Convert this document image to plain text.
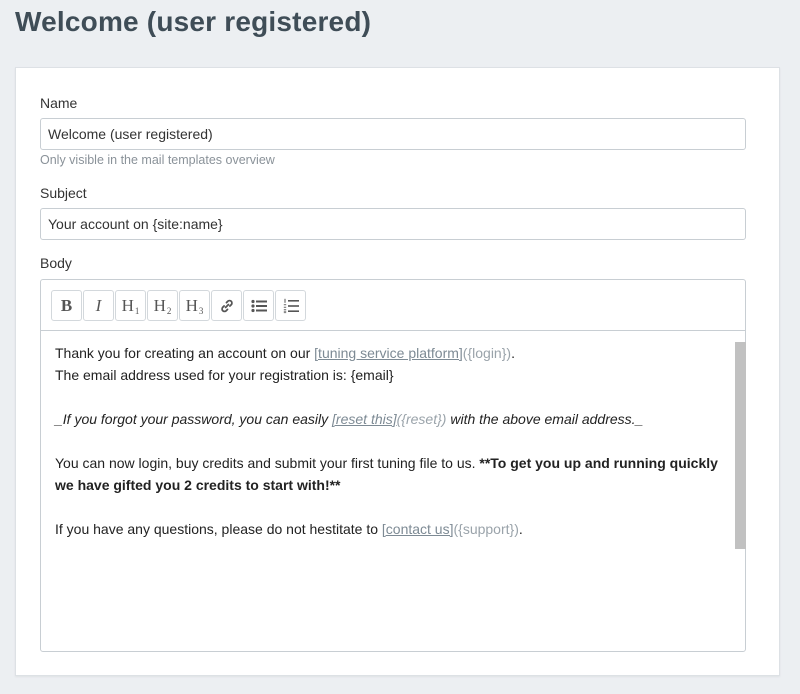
Welcome (user registered)
Name
Welcome (user registered)
Only visible in the mail templates overview
Subject
Your account on {site:name}
Body
B I $H_1$ $H_2$ $H_3$

Thank you for creating an account on our [tuning service platform]({login}).

The email address used for your registration is: {email}

_If you forgot your password, you can easily [reset this]({reset}) with the above email address._

You can now login, buy credits and submit your first tuning file to us. **To get you up and running quickly we have gifted you 2 credits to start with!**

If you have any questions, please do not hestitate to [contact us]({support}).
